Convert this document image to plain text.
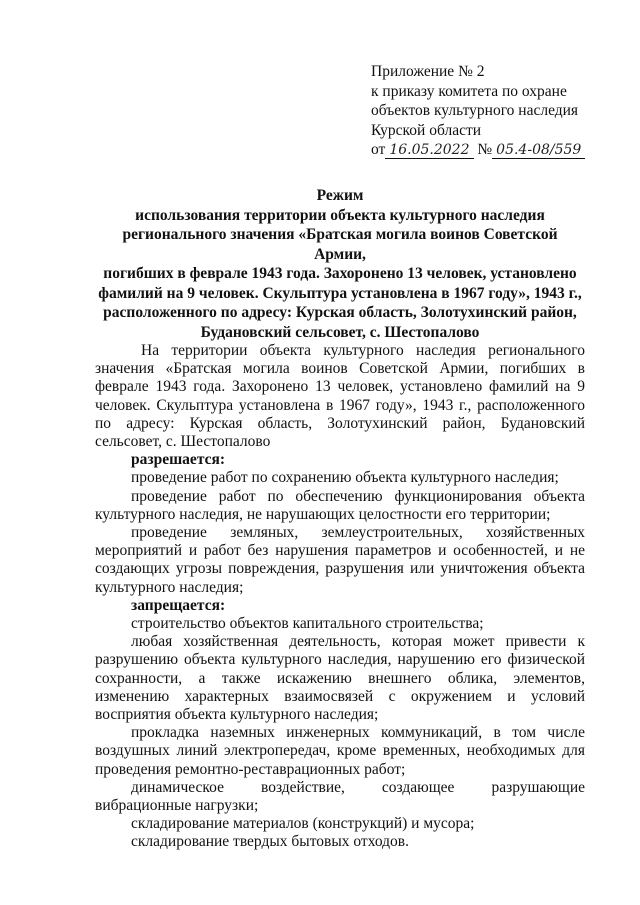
Приложение № 2
к приказу комитета по охране
объектов культурного наследия
Курской области
от 16.05.2022 № 05.4-08/559
Режим
использования территории объекта культурного наследия
регионального значения «Братская могила воинов Советской Армии,
погибших в феврале 1943 года. Захоронено 13 человек, установлено
фамилий на 9 человек. Скульптура установлена в 1967 году», 1943 г.,
расположенного по адресу: Курская область, Золотухинский район,
Будановский сельсовет, с. Шестопалово

На территории объекта культурного наследия регионального значения «Братская могила воинов Советской Армии, погибших в феврале 1943 года. Захоронено 13 человек, установлено фамилий на 9 человек. Скульптура установлена в 1967 году», 1943 г., расположенного по адресу: Курская область, Золотухинский район, Будановский сельсовет, с. Шестопалово

разрешается:

проведение работ по сохранению объекта культурного наследия;

проведение работ по обеспечению функционирования объекта культурного наследия, не нарушающих целостности его территории;

проведение земляных, землеустроительных, хозяйственных мероприятий и работ без нарушения параметров и особенностей, и не создающих угрозы повреждения, разрушения или уничтожения объекта культурного наследия;

запрещается:

строительство объектов капитального строительства;

любая хозяйственная деятельность, которая может привести к разрушению объекта культурного наследия, нарушению его физической сохранности, а также искажению внешнего облика, элементов, изменению характерных взаимосвязей с окружением и условий восприятия объекта культурного наследия;

прокладка наземных инженерных коммуникаций, в том числе воздушных линий электропередач, кроме временных, необходимых для проведения ремонтно-реставрационных работ;

динамическое воздействие, создающее разрушающие вибрационные нагрузки;

складирование материалов (конструкций) и мусора;

складирование твердых бытовых отходов.
